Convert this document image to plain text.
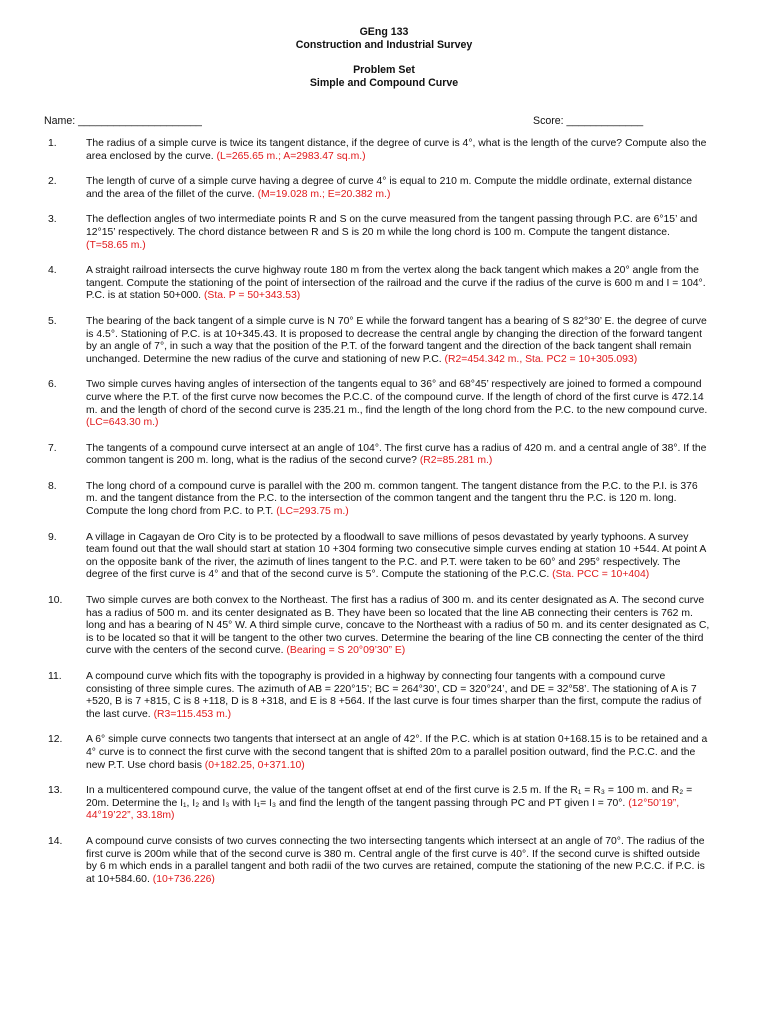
GEng 133
Construction and Industrial Survey
Problem Set
Simple and Compound Curve
Name: _____________________	Score: _____________
1.	The radius of a simple curve is twice its tangent distance, if the degree of curve is 4°, what is the length of the curve? Compute also the area enclosed by the curve. (L=265.65 m.; A=2983.47 sq.m.)
2.	The length of curve of a simple curve having a degree of curve 4° is equal to 210 m. Compute the middle ordinate, external distance and the area of the fillet of the curve. (M=19.028 m.; E=20.382 m.)
3.	The deflection angles of two intermediate points R and S on the curve measured from the tangent passing through P.C. are 6°15’ and 12°15’ respectively. The chord distance between R and S is 20 m while the long chord is 100 m. Compute the tangent distance. (T=58.65 m.)
4.	A straight railroad intersects the curve highway route 180 m from the vertex along the back tangent which makes a 20° angle from the tangent. Compute the stationing of the point of intersection of the railroad and the curve if the radius of the curve is 600 m and I = 104°. P.C. is at station 50+000. (Sta. P = 50+343.53)
5.	The bearing of the back tangent of a simple curve is N 70° E while the forward tangent has a bearing of S 82°30’ E. the degree of curve is 4.5°. Stationing of P.C. is at 10+345.43. It is proposed to decrease the central angle by changing the direction of the forward tangent by an angle of 7°, in such a way that the position of the P.T. of the forward tangent and the direction of the back tangent shall remain unchanged. Determine the new radius of the curve and stationing of new P.C. (R2=454.342 m., Sta. PC2 = 10+305.093)
6.	Two simple curves having angles of intersection of the tangents equal to 36° and 68°45’ respectively are joined to formed a compound curve where the P.T. of the first curve now becomes the P.C.C. of the compound curve. If the length of chord of the first curve is 472.14 m. and the length of chord of the second curve is 235.21 m., find the length of the long chord from the P.C. to the new compound curve. (LC=643.30 m.)
7.	The tangents of a compound curve intersect at an angle of 104°. The first curve has a radius of 420 m. and a central angle of 38°. If the common tangent is 200 m. long, what is the radius of the second curve? (R2=85.281 m.)
8.	The long chord of a compound curve is parallel with the 200 m. common tangent. The tangent distance from the P.C. to the P.I. is 376 m. and the tangent distance from the P.C. to the intersection of the common tangent and the tangent thru the P.C. is 120 m. long. Compute the long chord from P.C. to P.T. (LC=293.75 m.)
9.	A village in Cagayan de Oro City is to be protected by a floodwall to save millions of pesos devastated by yearly typhoons. A survey team found out that the wall should start at station 10 +304 forming two consecutive simple curves ending at station 10 +544. At point A on the opposite bank of the river, the azimuth of lines tangent to the P.C. and P.T. were taken to be 60° and 295° respectively. The degree of the first curve is 4° and that of the second curve is 5°. Compute the stationing of the P.C.C. (Sta. PCC = 10+404)
10. Two simple curves are both convex to the Northeast. The first has a radius of 300 m. and its center designated as A. The second curve has a radius of 500 m. and its center designated as B. They have been so located that the line AB connecting their centers is 762 m. long and has a bearing of N 45° W. A third simple curve, concave to the Northeast with a radius of 50 m. and its center designated as C, is to be located so that it will be tangent to the other two curves. Determine the bearing of the line CB connecting the center of the third curve with the centers of the second curve. (Bearing = S 20°09’30” E)
11. A compound curve which fits with the topography is provided in a highway by connecting four tangents with a compound curve consisting of three simple cures. The azimuth of AB = 220°15’; BC = 264°30’, CD = 320°24’, and DE = 32°58’. The stationing of A is 7 +520, B is 7 +815, C is 8 +118, D is 8 +318, and E is 8 +564. If the last curve is four times sharper than the first, compute the radius of the last curve. (R3=115.453 m.)
12. A 6° simple curve connects two tangents that intersect at an angle of 42°. If the P.C. which is at station 0+168.15 is to be retained and a 4° curve is to connect the first curve with the second tangent that is shifted 20m to a parallel position outward, find the P.C.C. and the new P.T. Use chord basis (0+182.25, 0+371.10)
13. In a multicentered compound curve, the value of the tangent offset at end of the first curve is 2.5 m. If the R₁ = R₃ = 100 m. and R₂ = 20m. Determine the I₁, I₂ and I₃ with I₁= I₃ and find the length of the tangent passing through PC and PT given I = 70°. (12°50’19”, 44°19’22”, 33.18m)
14. A compound curve consists of two curves connecting the two intersecting tangents which intersect at an angle of 70°. The radius of the first curve is 200m while that of the second curve is 380 m. Central angle of the first curve is 40°. If the second curve is shifted outside by 6 m which ends in a parallel tangent and both radii of the two curves are retained, compute the stationing of the new P.C.C. if P.C. is at 10+584.60. (10+736.226)
